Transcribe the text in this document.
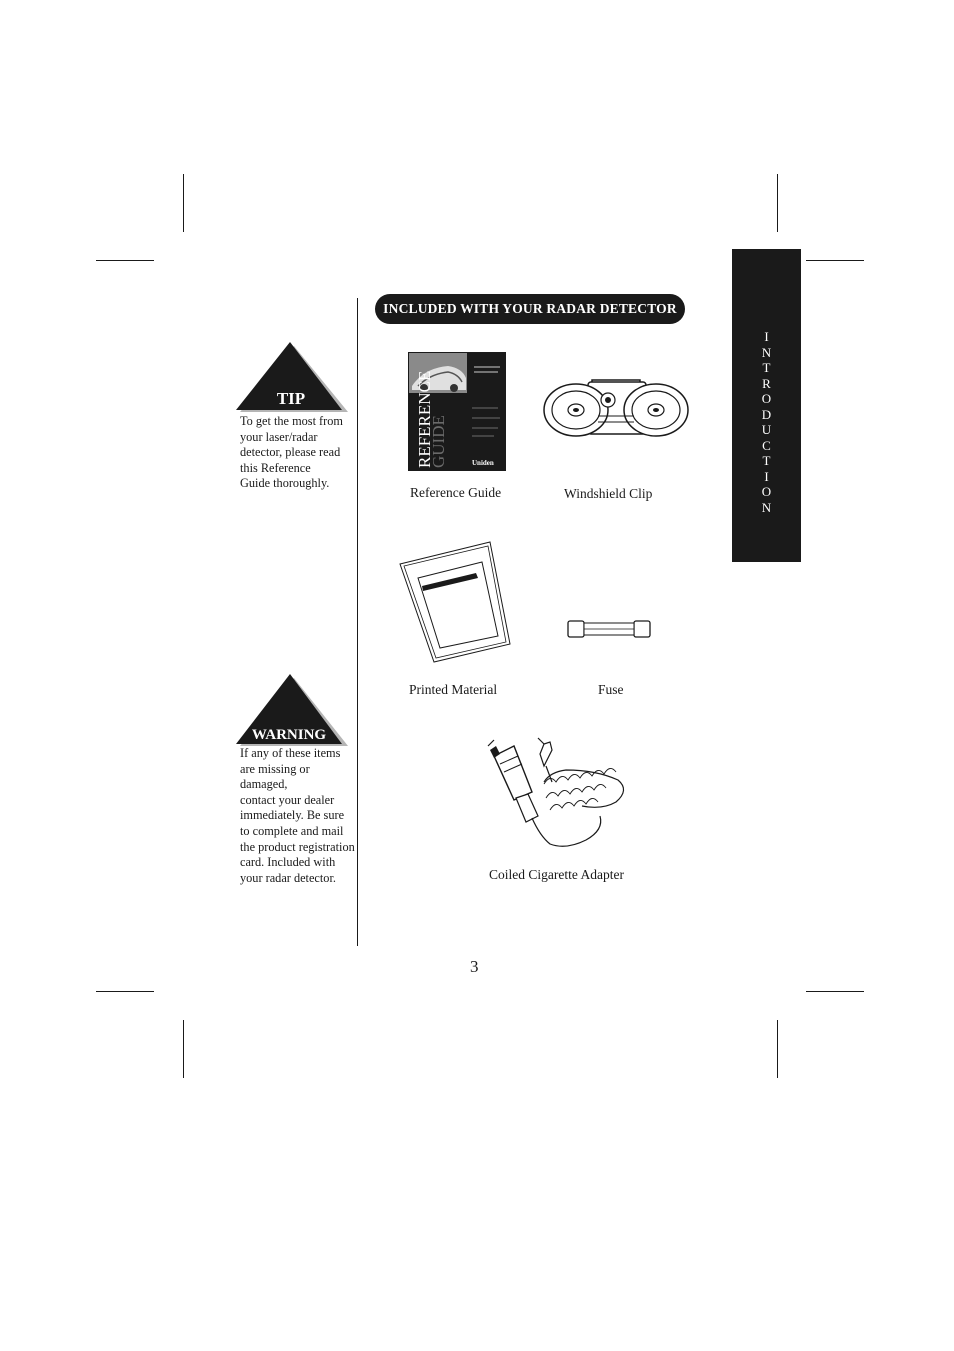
I
N
T
R
O
D
U
C
T
I
O
N
INCLUDED WITH YOUR RADAR DETECTOR
TIP
To get the most from
your laser/radar
detector, please read
this Reference
Guide thoroughly.
WARNING
If any of these items
are missing or damaged,
contact your dealer
immediately. Be sure
to complete and mail
the product registration
card. Included with
your radar detector.
REFERENCE
GUIDE	Uniden
Reference Guide	Windshield Clip
Printed Material	Fuse
Coiled Cigarette Adapter
3
